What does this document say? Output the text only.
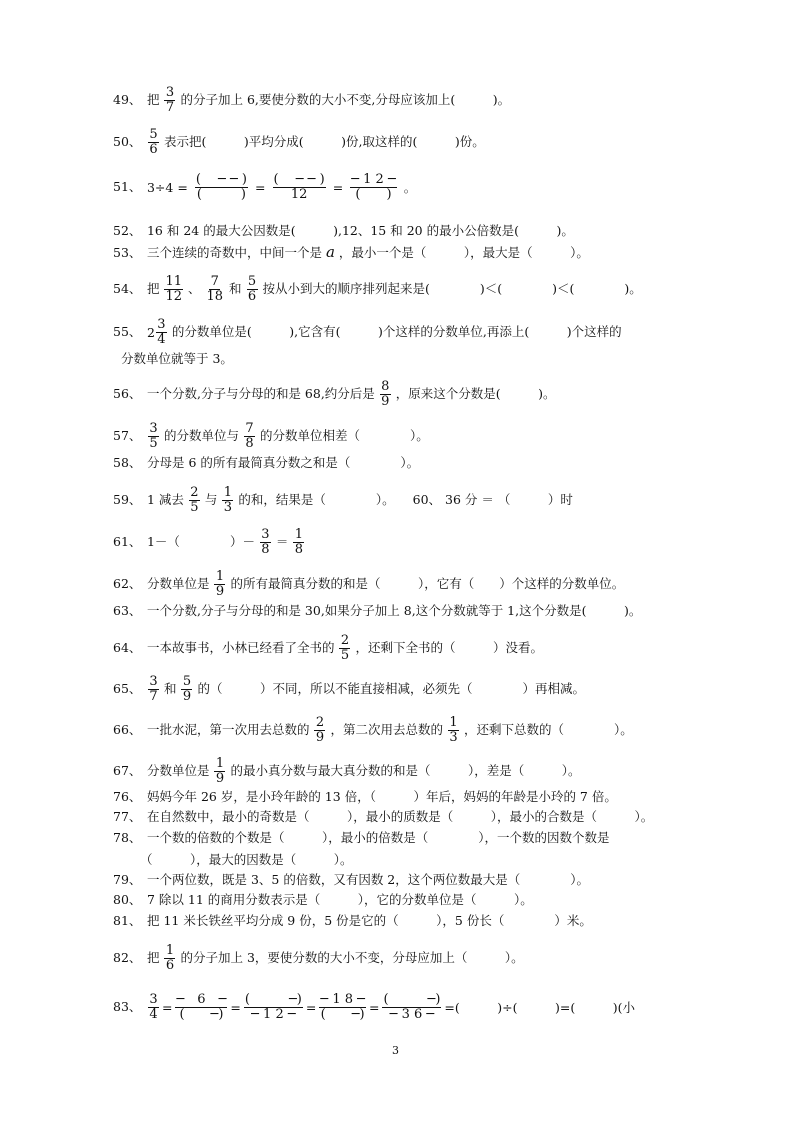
49、 把 $\frac{3}{7}$ 的分子加上 6,要使分数的大小不变,分母应该加上(　　　)。
50、 $\frac{5}{6}$ 表示把(　　　)平均分成(　　　)份,取这样的(　　　)份。
51、 $3\div 4 = \frac{( ─ ─ )}{( )} = \frac{( ─ ─ )}{12} = \frac{─ 1 2 ─}{( )}$ 。
52、 16 和 24 的最大公因数是(　　　),12、15 和 20 的最小公倍数是(　　　)。
53、 三个连续的奇数中，中间一个是 a ，最小一个是（　　　），最大是（　　　）。
54、 把 $\frac{11}{12}$ 、 $\frac{7}{18}$ 和 $\frac{5}{6}$ 按从小到大的顺序排列起来是(　　　　)＜(　　　　)＜(　　　　)。
55、 $2 \frac{3}{4}$ 的分数单位是(　　　),它含有(　　　)个这样的分数单位,再添上(　　　)个这样的
分数单位就等于 3。
56、 一个分数,分子与分母的和是 68,约分后是 $\frac{8}{9}$ ，原来这个分数是(　　　)。
57、 $\frac{3}{5}$ 的分数单位与 $\frac{7}{8}$ 的分数单位相差（　　　　）。
58、 分母是 6 的所有最简真分数之和是（　　　　）。
59、 1 减去 $\frac{2}{5}$ 与 $\frac{1}{3}$ 的和，结果是（　　　　）。 60、 36 分 ＝ （　　　）时
61、 1－（　　　　）－ $\frac{3}{8} = \frac{1}{8}$
62、 分数单位是 $\frac{1}{9}$ 的所有最简真分数的和是（　　　），它有（　　）个这样的分数单位。
63、 一个分数,分子与分母的和是 30,如果分子加上 8,这个分数就等于 1,这个分数是(　　　)。
64、 一本故事书，小林已经看了全书的 $\frac{2}{5}$ ，还剩下全书的（　　　）没看。
65、 $\frac{3}{7}$ 和 $\frac{5}{9}$ 的（　　　）不同，所以不能直接相减，必须先（　　　　）再相减。
66、 一批水泥，第一次用去总数的 $\frac{2}{9}$ ，第二次用去总数的 $\frac{1}{3}$ ，还剩下总数的（　　　　）。
67、 分数单位是 $\frac{1}{9}$ 的最小真分数与最大真分数的和是（　　　），差是（　　　）。
76、 妈妈今年 26 岁，是小玲年龄的 13 倍，（　　　）年后，妈妈的年龄是小玲的 7 倍。
77、 在自然数中，最小的奇数是（　　　），最小的质数是（　　　），最小的合数是（　　　）。
78、 一个数的倍数的个数是（　　　），最小的倍数是（　　　　），一个数的因数个数是
（　　　），最大的因数是（　　　）。
79、 一个两位数，既是 3、5 的倍数，又有因数 2，这个两位数最大是（　　　　）。
80、 7 除以 11 的商用分数表示是（　　　），它的分数单位是（　　　）。
81、 把 11 米长铁丝平均分成 9 份，5 份是它的（　　　），5 份长（　　　　）米。
82、 把 $\frac{1}{6}$ 的分子加上 3，要使分数的大小不变，分母应加上（　　　）。
83、 $\frac{3}{4} = \frac{─ 6 ─}{( ─)} = \frac{( ─)}{─ 1 2 ─} = \frac{─ 1 8 ─}{( ─)} = \frac{( ─)}{─ 3 6 ─}$ =(　　　)÷(　　　)=(　　　)(小
3
